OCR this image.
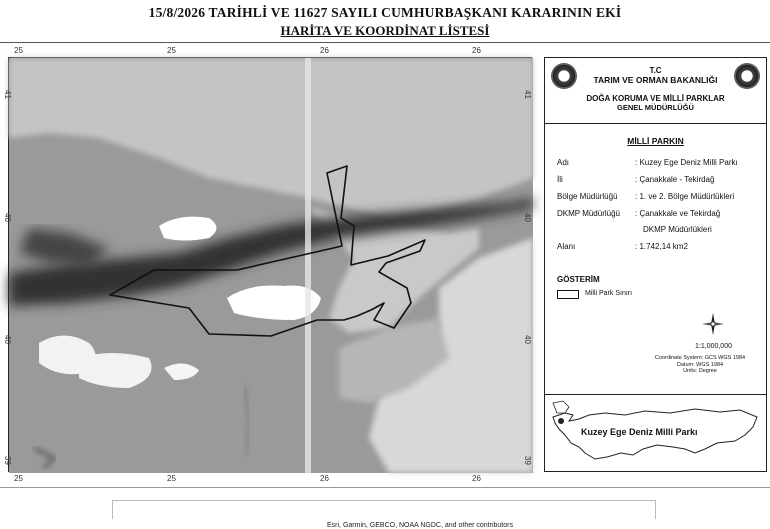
15/8/2026 TARİHLİ VE 11627 SAYILI CUMHURBAŞKANI KARARININ EKİ
HARİTA VE KOORDİNAT LİSTESİ
25	25	26	26
25	25	26	26
Esri, Garmin, GEBCO, NOAA NGDC, and other contributors
41
40
40
39
41
40
40
39
T.C
TARIM VE ORMAN BAKANLIĞI
DOĞA KORUMA VE MİLLİ PARKLAR
GENEL MÜDÜRLÜĞÜ
MİLLİ PARKIN
Adı	: Kuzey Ege Deniz Milli Parkı
İli	: Çanakkale - Tekirdağ
Bölge Müdürlüğü : 1. ve 2. Bölge Müdürlükleri
DKMP Müdürlüğü : Çanakkale ve Tekirdağ
DKMP Müdürlükleri
Alanı	: 1.742,14 km2
GÖSTERİM
Milli Park Sınırı
1:1,000,000
Coordinate System: GCS WGS 1984
Datum: WGS 1984
Units: Degree
Kuzey Ege Deniz Milli Parkı
